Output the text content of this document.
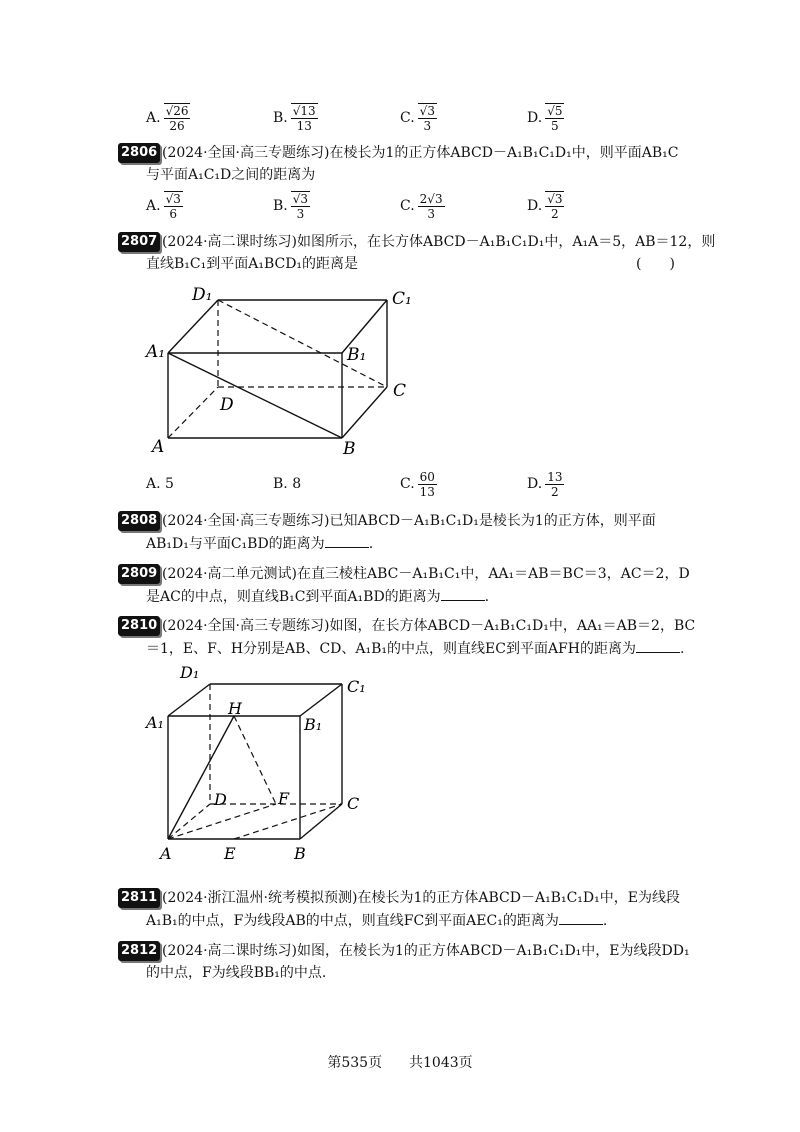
A. $\frac{√26}{26}$	B. $\frac{√13}{13}$	C. $\frac{√3}{3}$	D. $\frac{√5}{5}$
2806 (2024·全国·高三专题练习)在棱长为1的正方体ABCD－A₁B₁C₁D₁中，则平面AB₁C
与平面A₁C₁D之间的距离为
A. $\frac{√3}{6}$	B. $\frac{√3}{3}$	C. $\frac{2√3}{3}$	D. $\frac{√3}{2}$
2807 (2024·高二课时练习)如图所示，在长方体ABCD－A₁B₁C₁D₁中，A₁A＝5，AB＝12，则
直线B₁C₁到平面A₁BCD₁的距离是	(　　)
D₁	C₁
A₁	B₁
C
D
A	B
A. 5	B. 8	C. $\frac{60}{13}$	D. $\frac{13}{2}$
2808 (2024·全国·高三专题练习)已知ABCD－A₁B₁C₁D₁是棱长为1的正方体，则平面
AB₁D₁与平面C₁BD的距离为	.
2809 (2024·高二单元测试)在直三棱柱ABC－A₁B₁C₁中，AA₁＝AB＝BC＝3，AC＝2，D
是AC的中点，则直线B₁C到平面A₁BD的距离为	.
2810 (2024·全国·高三专题练习)如图，在长方体ABCD－A₁B₁C₁D₁中，AA₁＝AB＝2，BC
＝1，E、F、H分别是AB、CD、A₁B₁的中点，则直线EC到平面AFH的距离为	.
D₁
C₁
A₁
H
B₁
D	F	C
A	E	B
2811 (2024·浙江温州·统考模拟预测)在棱长为1的正方体ABCD－A₁B₁C₁D₁中，E为线段
A₁B₁的中点，F为线段AB的中点，则直线FC到平面AEC₁的距离为	.
2812 (2024·高二课时练习)如图，在棱长为1的正方体ABCD－A₁B₁C₁D₁中，E为线段DD₁
的中点，F为线段BB₁的中点.
第535页 共1043页
